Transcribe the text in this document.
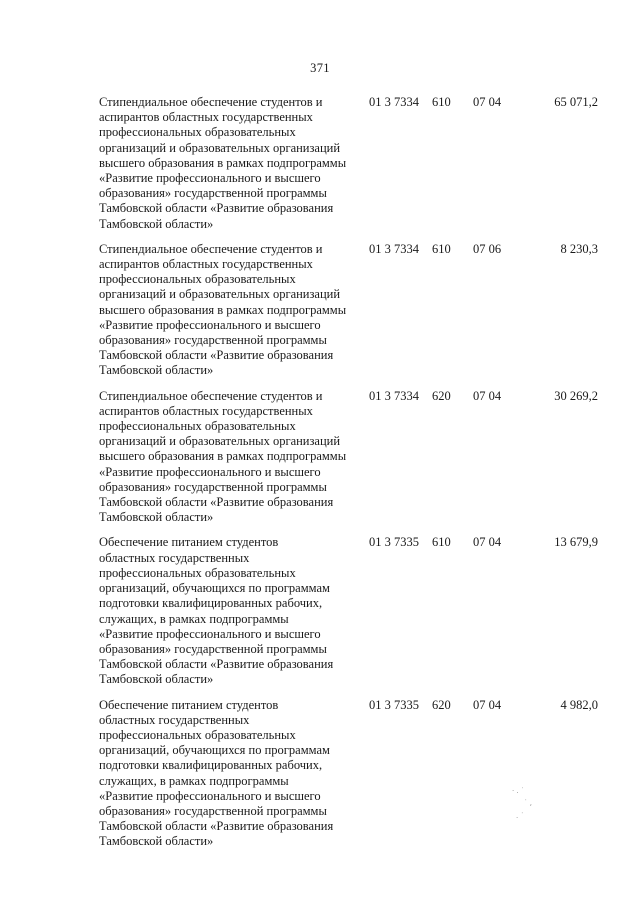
371
Стипендиальное обеспечение студентов и
аспирантов областных государственных
профессиональных образовательных
организаций и образовательных организаций
высшего образования в рамках подпрограммы
«Развитие профессионального и высшего
образования» государственной программы
Тамбовской области «Развитие образования
Тамбовской области»
01 3 7334 610 07 04	65 071,2
Стипендиальное обеспечение студентов и
аспирантов областных государственных
профессиональных образовательных
организаций и образовательных организаций
высшего образования в рамках подпрограммы
«Развитие профессионального и высшего
образования» государственной программы
Тамбовской области «Развитие образования
Тамбовской области»
01 3 7334 610 07 06	8 230,3
Стипендиальное обеспечение студентов и
аспирантов областных государственных
профессиональных образовательных
организаций и образовательных организаций
высшего образования в рамках подпрограммы
«Развитие профессионального и высшего
образования» государственной программы
Тамбовской области «Развитие образования
Тамбовской области»
01 3 7334 620 07 04	30 269,2
Обеспечение питанием студентов
областных государственных
профессиональных образовательных
организаций, обучающихся по программам
подготовки квалифицированных рабочих,
служащих, в рамках подпрограммы
«Развитие профессионального и высшего
образования» государственной программы
Тамбовской области «Развитие образования
Тамбовской области»
01 3 7335 610 07 04	13 679,9
Обеспечение питанием студентов
областных государственных
профессиональных образовательных
организаций, обучающихся по программам
подготовки квалифицированных рабочих,
служащих, в рамках подпрограммы
«Развитие профессионального и высшего
образования» государственной программы
Тамбовской области «Развитие образования
Тамбовской области»
01 3 7335 620 07 04	4 982,0
· . ˙
˙ ,
. ˙
